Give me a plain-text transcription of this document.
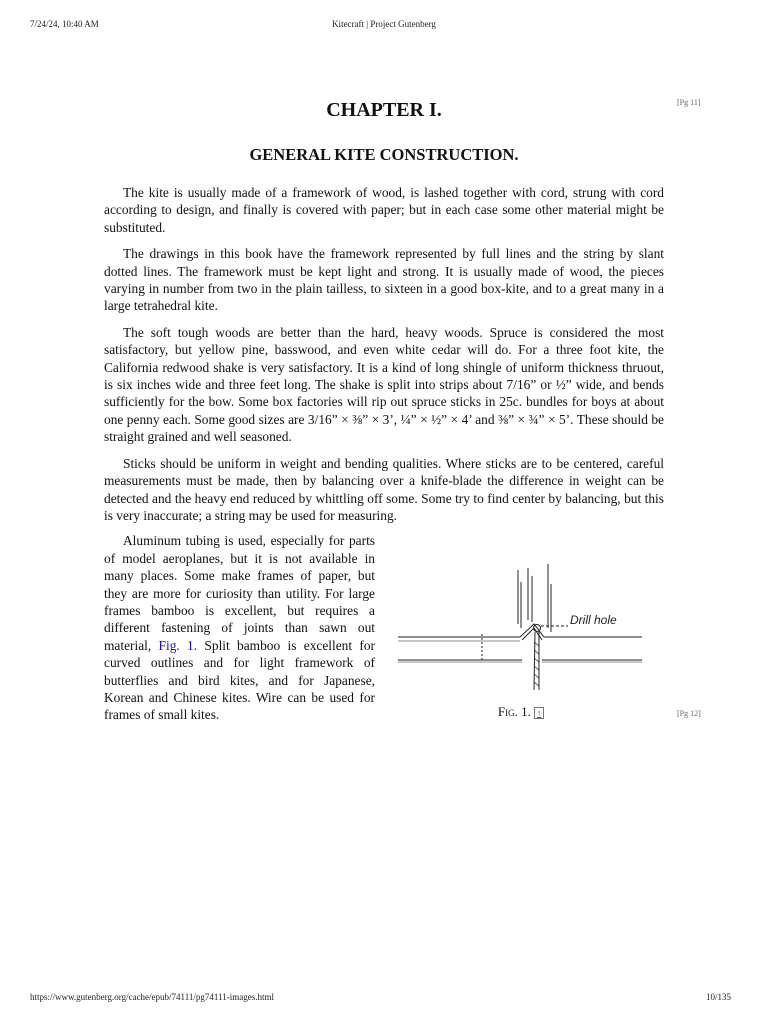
7/24/24, 10:40 AM	Kitecraft | Project Gutenberg
[Pg 11]
[Pg 12]
CHAPTER I.
GENERAL KITE CONSTRUCTION.

The kite is usually made of a framework of wood, is lashed together with cord, strung with cord according to design, and finally is covered with paper; but in each case some other material might be substituted.

The drawings in this book have the framework represented by full lines and the string by slant dotted lines. The framework must be kept light and strong. It is usually made of wood, the pieces varying in number from two in the plain tailless, to sixteen in a good box-kite, and to a great many in a large tetrahedral kite.

The soft tough woods are better than the hard, heavy woods. Spruce is considered the most satisfactory, but yellow pine, basswood, and even white cedar will do. For a three foot kite, the California redwood shake is very satisfactory. It is a kind of long shingle of uniform thickness thruout, is six inches wide and three feet long. The shake is split into strips about 7/16” or ½” wide, and bends sufficiently for the bow. Some box factories will rip out spruce sticks in 25c. bundles for boys at about one penny each. Some good sizes are 3/16” × ⅜” × 3’, ¼” × ½” × 4’ and ⅜” × ¾” × 5’. These should be straight grained and well seasoned.

Sticks should be uniform in weight and bending qualities. Where sticks are to be centered, careful measurements must be made, then by balancing over a knife-blade the difference in weight can be detected and the heavy end reduced by whittling off some. Some try to find center by balancing, but this is very inaccurate; a string may be used for measuring.

Aluminum tubing is used, especially for parts of model aeroplanes, but it is not available in many places. Some make frames of paper, but they are more for curiosity than utility. For large frames bamboo is excellent, but requires a different fastening of joints than sawn out material, Fig. 1. Split bamboo is excellent for curved outlines and for light framework of butterflies and bird kites, and for Japanese, Korean and Chinese kites. Wire can be used for frames of small kites.

Drill hole
Fig. 1. ↑
https://www.gutenberg.org/cache/epub/74111/pg74111-images.html	10/135
